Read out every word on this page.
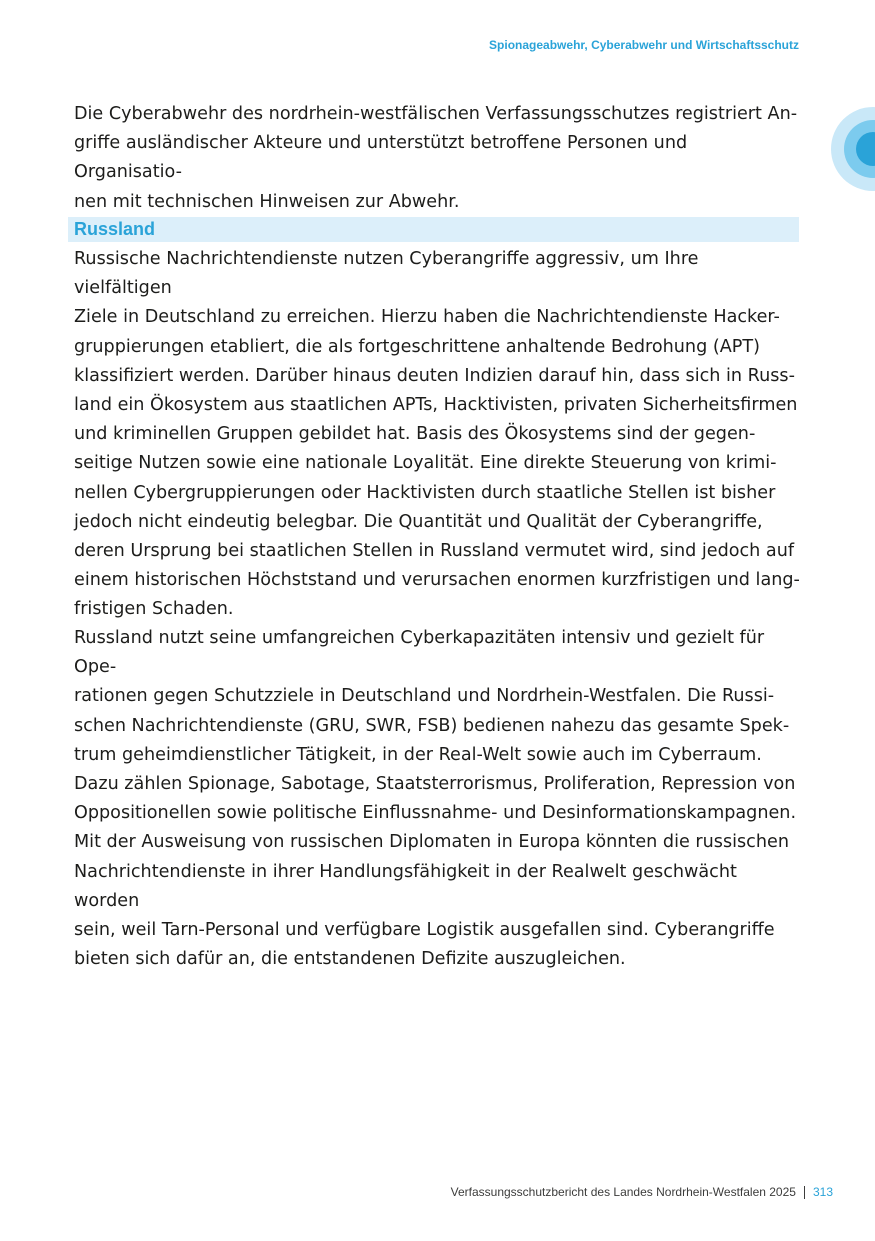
Spionageabwehr, Cyberabwehr und Wirtschaftsschutz

Die Cyberabwehr des nordrhein-westfälischen Verfassungsschutzes registriert An-
griffe ausländischer Akteure und unterstützt betroffene Personen und Organisatio-
nen mit technischen Hinweisen zur Abwehr.

Russland

Russische Nachrichtendienste nutzen Cyberangriffe aggressiv, um Ihre vielfältigen
Ziele in Deutschland zu erreichen. Hierzu haben die Nachrichtendienste Hacker-
gruppierungen etabliert, die als fortgeschrittene anhaltende Bedrohung (APT)
klassifiziert werden. Darüber hinaus deuten Indizien darauf hin, dass sich in Russ-
land ein Ökosystem aus staatlichen APTs, Hacktivisten, privaten Sicherheitsfirmen
und kriminellen Gruppen gebildet hat. Basis des Ökosystems sind der gegen-
seitige Nutzen sowie eine nationale Loyalität. Eine direkte Steuerung von krimi-
nellen Cybergruppierungen oder Hacktivisten durch staatliche Stellen ist bisher
jedoch nicht eindeutig belegbar. Die Quantität und Qualität der Cyberangriffe,
deren Ursprung bei staatlichen Stellen in Russland vermutet wird, sind jedoch auf
einem historischen Höchststand und verursachen enormen kurzfristigen und lang-
fristigen Schaden.

Russland nutzt seine umfangreichen Cyberkapazitäten intensiv und gezielt für Ope-
rationen gegen Schutzziele in Deutschland und Nordrhein-Westfalen. Die Russi-
schen Nachrichtendienste (GRU, SWR, FSB) bedienen nahezu das gesamte Spek-
trum geheimdienstlicher Tätigkeit, in der Real-Welt sowie auch im Cyberraum.
Dazu zählen Spionage, Sabotage, Staatsterrorismus, Proliferation, Repression von
Oppositionellen sowie politische Einflussnahme- und Desinformationskampagnen.
Mit der Ausweisung von russischen Diplomaten in Europa könnten die russischen
Nachrichtendienste in ihrer Handlungsfähigkeit in der Realwelt geschwächt worden
sein, weil Tarn-Personal und verfügbare Logistik ausgefallen sind. Cyberangriffe
bieten sich dafür an, die entstandenen Defizite auszugleichen.

Verfassungsschutzbericht des Landes Nordrhein-Westfalen 2025 313
